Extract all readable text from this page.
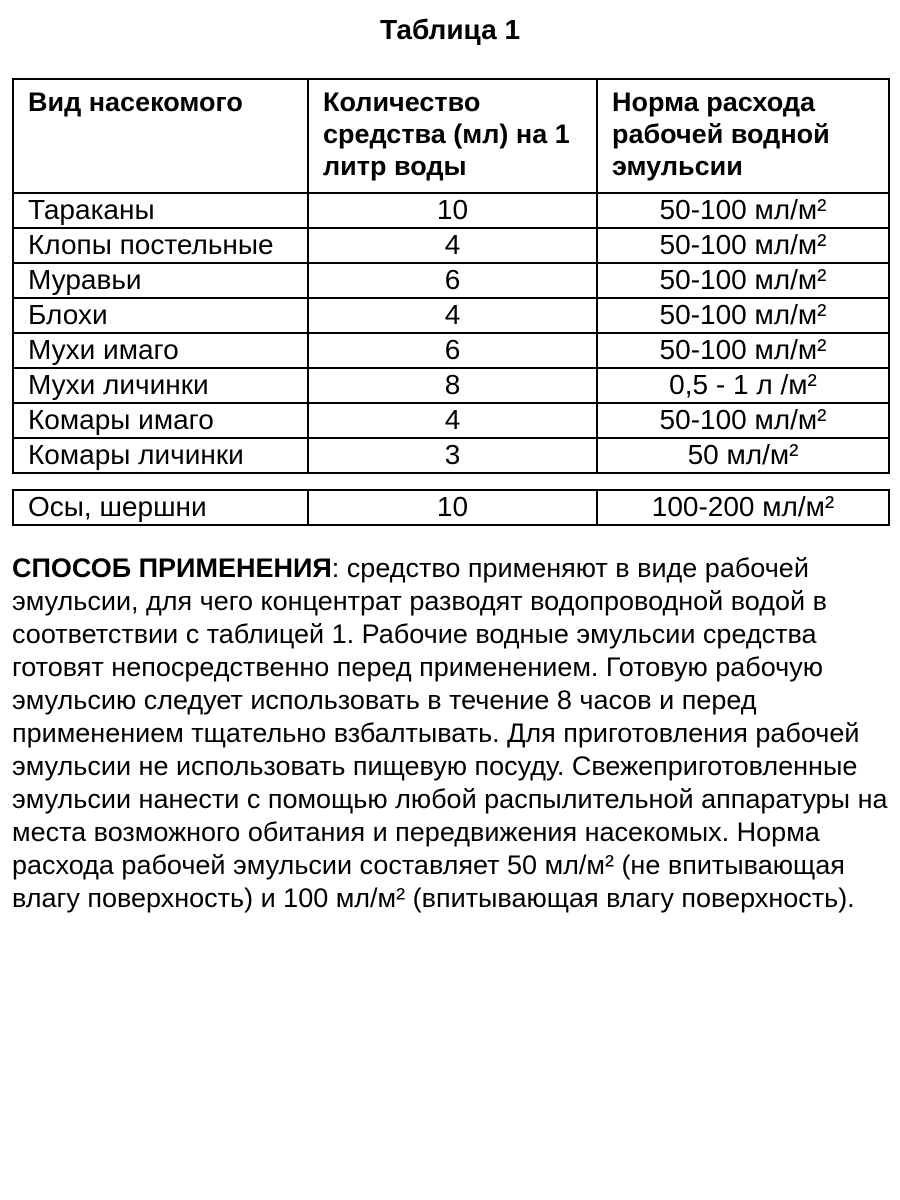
Таблица 1
Вид насекомого	Количество средства (мл) на 1 литр воды	Норма расхода рабочей водной эмульсии
Тараканы	10	50-100 мл/м²
Клопы постельные	4	50-100 мл/м²
Муравьи	6	50-100 мл/м²
Блохи	4	50-100 мл/м²
Мухи имаго	6	50-100 мл/м²
Мухи личинки	8	0,5 - 1 л /м²
Комары имаго	4	50-100 мл/м²
Комары личинки	3	50 мл/м²
Осы, шершни	10	100-200 мл/м²

СПОСОБ ПРИМЕНЕНИЯ: средство применяют в виде рабочей эмульсии, для чего концентрат разводят водопроводной водой в соответствии с таблицей 1. Рабочие водные эмульсии средства готовят непосредственно перед применением. Готовую рабочую эмульсию следует использовать в течение 8 часов и перед применением тщательно взбалтывать. Для приготовления рабочей эмульсии не использовать пищевую посуду. Свежеприготовленные эмульсии нанести с помощью любой распылительной аппаратуры на места возможного обитания и передвижения насекомых. Норма расхода рабочей эмульсии составляет 50 мл/м² (не впитывающая влагу поверхность) и 100 мл/м² (впитывающая влагу поверхность).
